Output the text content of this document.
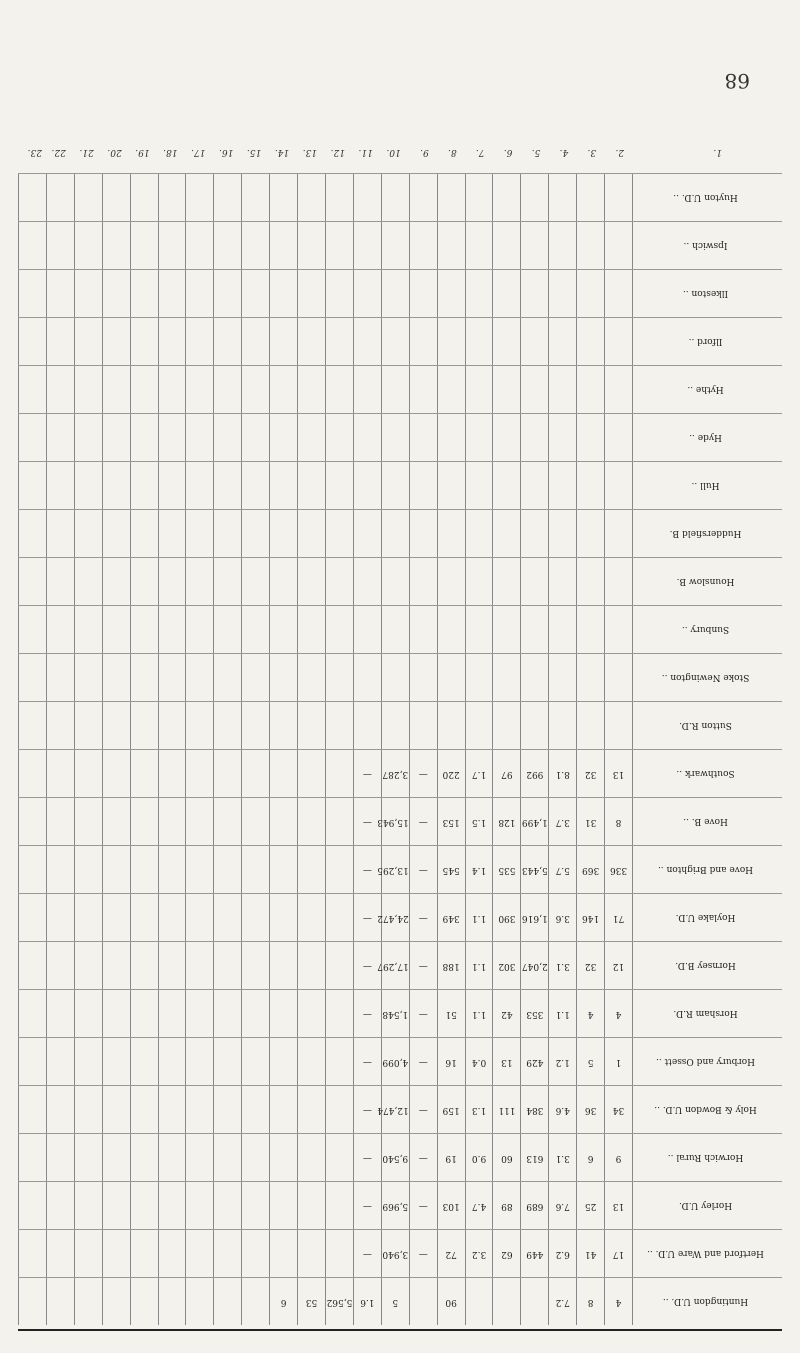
Huntingdon U.D. ..
4
8
7.2
90
5
1.6
5,562
53
6
Hertford and Ware U.D. ..
17
41
6.2
449
62
3.2
72
—
3,940
—
Horley U.D.
13
25
7.6
689
89
4.7
103
—
5,969
—
Horwich Rural ..
9
6
3.1
613
60
9.0
19
—
9,540
—
Holy & Bowdon U.D. ..
34
36
4.6
384
111
1.3
159
—
12,474
—
Horbury and Ossett ..
1
5
1.2
429
13
0.4
16
—
4,099
—
Horsham R.D.
4
4
1.1
353
42
1.1
51
—
1,548
—
Hornsey B.D.
12
32
3.1
2,047
302
1.1
188
—
17,297
—
Hoylake U.D.
71
146
3.6
1,616
390
1.1
349
—
24,472
—
Hove and Brighton ..
336
369
5.7
5,443
535
1.4
545
—
13,295
—
Hove B. ..
8
31
3.7
1,499
128
1.5
153
—
15,943
—
Southwark ..
13
32
8.1
992
97
1.7
220
—
3,287
—
Sutton R.D.
Stoke Newington ..
Sunbury ..
Hounslow B.
Huddersfield B.
Hull ..
Hyde ..
Hythe ..
Ilford ..
Ilkeston ..
Ipswich ..
Huyton U.D. ..
1.
2.
3.
4.
5.
6.
7.
8.
9.
10.
11.
12.
13.
14.
15.
16.
17.
18.
19.
20.
21.
22.
23.
68
